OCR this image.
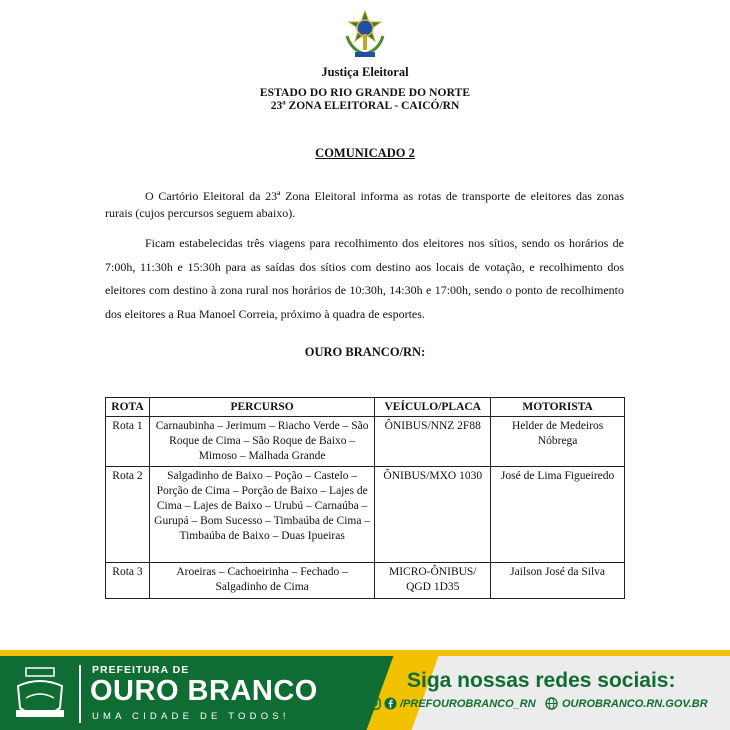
Justiça Eleitoral
ESTADO DO RIO GRANDE DO NORTE
23ª ZONA ELEITORAL - CAICÓ/RN
COMUNICADO 2

O Cartório Eleitoral da 23ª Zona Eleitoral informa as rotas de transporte de eleitores das zonas rurais (cujos percursos seguem abaixo).

Ficam estabelecidas três viagens para recolhimento dos eleitores nos sítios, sendo os horários de 7:00h, 11:30h e 15:30h para as saídas dos sítios com destino aos locais de votação, e recolhimento dos eleitores com destino à zona rural nos horários de 10:30h, 14:30h e 17:00h, sendo o ponto de recolhimento dos eleitores a Rua Manoel Correia, próximo à quadra de esportes.

OURO BRANCO/RN:
ROTA	PERCURSO	VEÍCULO/PLACA	MOTORISTA
Rota 1	Carnaubinha – Jerimum – Riacho Verde – São Roque de Cima – São Roque de Baixo – Mimoso – Malhada Grande	ÔNIBUS/NNZ 2F88	Helder de Medeiros Nóbrega
Rota 2	Salgadinho de Baixo – Poção – Castelo – Porção de Cima – Porção de Baixo – Lajes de Cima – Lajes de Baixo – Urubú – Carnaúba – Gurupá – Bom Sucesso – Timbaúba de Cima – Timbaúba de Baixo – Duas Ipueiras	ÔNIBUS/MXO 1030	José de Lima Figueiredo
Rota 3	Aroeiras – Cachoeirinha – Fechado – Salgadinho de Cima	MICRO-ÔNIBUS/ QGD 1D35	Jailson José da Silva
PREFEITURA DE
OURO BRANCO
UMA CIDADE DE TODOS!
Siga nossas redes sociais:
/PREFOUROBRANCO_RN OUROBRANCO.RN.GOV.BR
